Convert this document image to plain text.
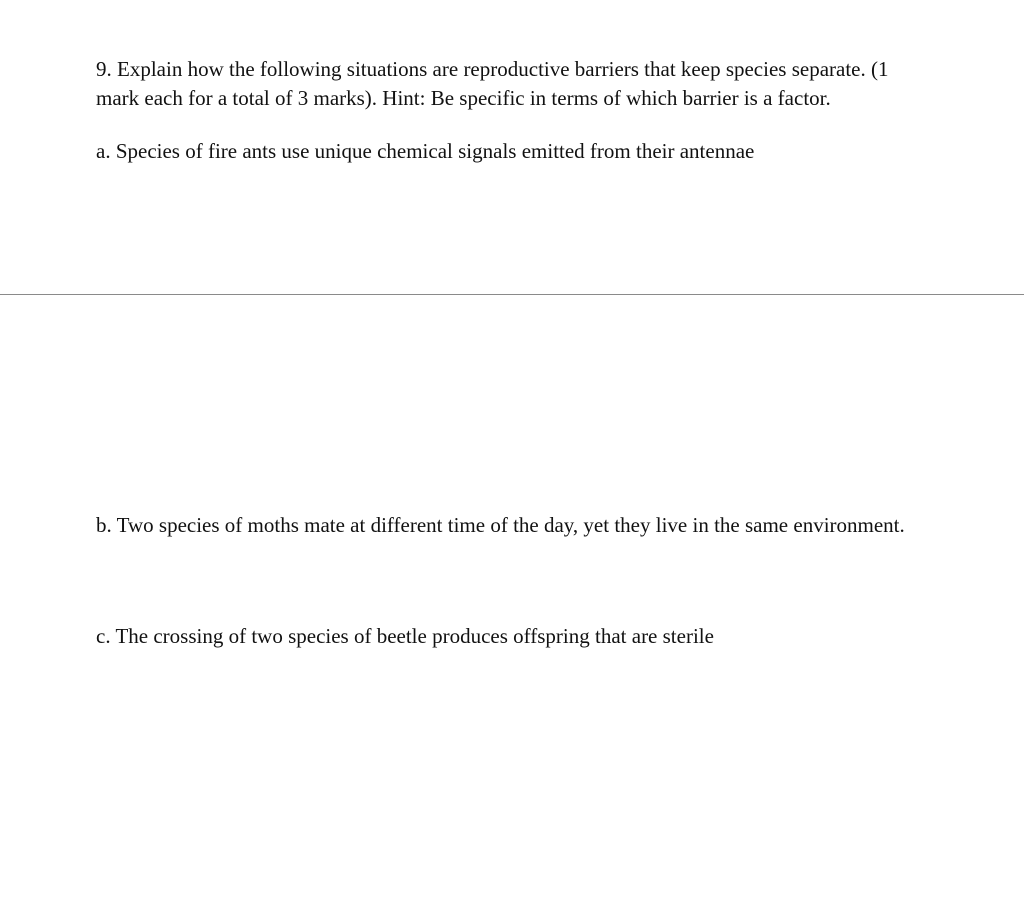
9. Explain how the following situations are reproductive barriers that keep species separate. (1

mark each for a total of 3 marks). Hint: Be specific in terms of which barrier is a factor.

a. Species of fire ants use unique chemical signals emitted from their antennae

b. Two species of moths mate at different time of the day, yet they live in the same environment.

c. The crossing of two species of beetle produces offspring that are sterile
